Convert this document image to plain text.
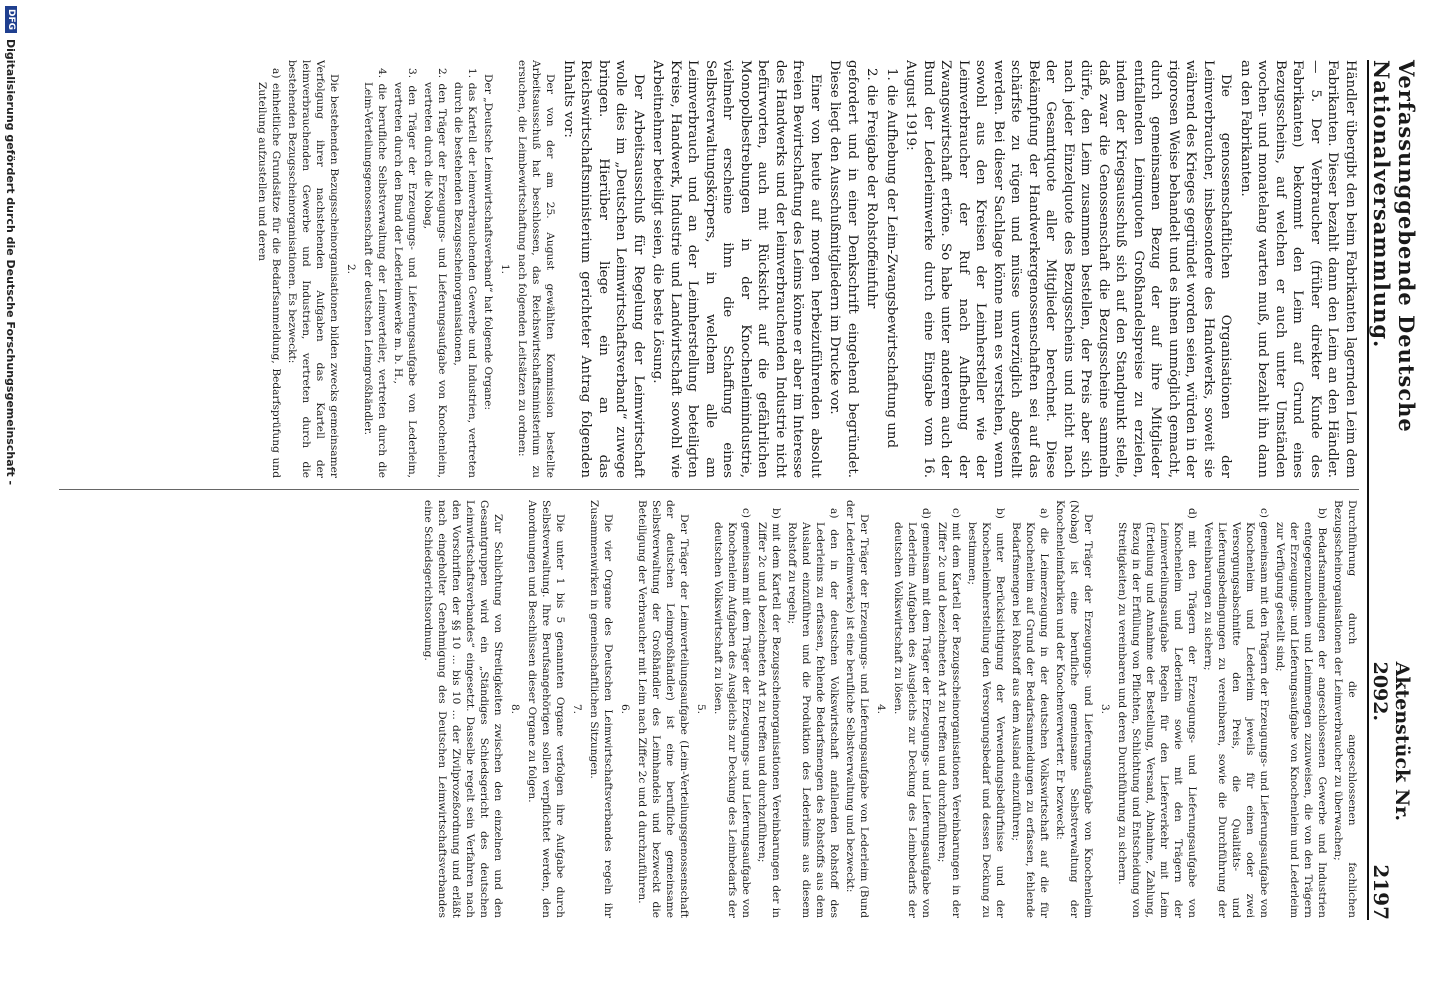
Verfassunggebende Deutsche Nationalversammlung.
Aktenstück Nr. 2092.
2197

Händler übergibt den beim Fabrikanten lagernden Leim dem Fabrikanten. Dieser bezahlt dann den Leim an den Händler. — 5. Der Verbraucher (früher direkter Kunde des Fabrikanten) bekommt den Leim auf Grund eines Bezugsscheins, auf welchen er auch unter Umständen wochen- und monatelang warten muß, und bezahlt ihn dann an den Fabrikanten.

Die genossenschaftlichen Organisationen der Leimverbraucher, insbesondere des Handwerks, soweit sie während des Krieges gegründet worden seien, würden in der rigorosen Weise behandelt und es ihnen unmöglich gemacht, durch gemeinsamen Bezug der auf ihre Mitglieder entfallenden Leimquoten Großhandelspreise zu erzielen, indem der Kriegsausschuß sich auf den Standpunkt stelle, daß zwar die Genossenschaft die Bezugsscheine sammeln dürfe, den Leim zusammen bestellen, der Preis aber sich nach jeder Einzelquote des Bezugsscheins und nicht nach der Gesamtquote aller Mitglieder berechnet. Diese Bekämpfung der Handwerkergenossenschaften sei auf das schärfste zu rügen und müsse unverzüglich abgestellt werden. Bei dieser Sachlage könne man es verstehen, wenn sowohl aus den Kreisen der Leimhersteller wie der Leimverbraucher der Ruf nach Aufhebung der Zwangswirtschaft ertöne. So habe unter anderem auch der Bund der Lederleimwerke durch eine Eingabe vom 16. August 1919:

1. die Aufhebung der Leim-Zwangsbewirtschaftung und

2. die Freigabe der Rohstoffeinfuhr

gefordert und in einer Denkschrift eingehend begründet. Diese liegt den Ausschußmitgliedern im Drucke vor.

Einer von heute auf morgen herbeizuführenden absolut freien Bewirtschaftung des Leims könne er aber im Interesse des Handwerks und der leimverbrauchenden Industrie nicht befürworten, auch mit Rücksicht auf die gefährlichen Monopolbestrebungen in der Knochenleimindustrie, vielmehr erscheine ihm die Schaffung eines Selbstverwaltungskörpers, in welchem alle am Leimverbrauch und an der Leimherstellung beteiligten Kreise, Handwerk, Industrie und Landwirtschaft sowohl wie Arbeitnehmer beteiligt seien, die beste Lösung.

Der Arbeitsausschuß für Regelung der Leimwirtschaft wolle dies im „Deutschen Leimwirtschaftsverband“ zuwege bringen. Hierüber liege ein an das Reichswirtschaftsministerium gerichteter Antrag folgenden Inhalts vor:

Der von der am 25. August gewählten Kommission bestellte Arbeitsausschuß hat beschlossen, das Reichswirtschaftsministerium zu ersuchen, die Leimbewirtschaftung nach folgenden Leitsätzen zu ordnen:

1.

Der „Deutsche Leimwirtschaftsverband“ hat folgende Organe:

1. das Kartell der leimverbrauchenden Gewerbe und Industrien, vertreten durch die bestehenden Bezugsscheinorganisationen,

2. den Träger der Erzeugungs- und Lieferungsaufgabe von Knochenleim, vertreten durch die Nobag,

3. den Träger der Erzeugungs- und Lieferungsaufgabe von Lederleim, vertreten durch den Bund der Lederleimwerke m. b. H.,

4. die berufliche Selbstverwaltung der Leimverteiler, vertreten durch die Leim-Verteilungsgenossenschaft der deutschen Leimgroßhändler.

2.

Die bestehenden Bezugsscheinorganisationen bilden zwecks gemeinsamer Verfolgung ihrer nachstehenden Aufgaben das Kartell der leimverbrauchenden Gewerbe und Industrien, vertreten durch die bestehenden Bezugsscheinorganisationen. Es bezweckt:

a) einheitliche Grundsätze für die Bedarfsanmeldung, Bedarfsprüfung und Zuteilung aufzustellen und deren

Durchführung durch die angeschlossenen fachlichen Bezugsscheinorganisationen der Leimverbraucher zu überwachen;

b) Bedarfsanmeldungen der angeschlossenen Gewerbe und Industrien entgegenzunehmen und Leimmengen zuzuweisen, die von den Trägern der Erzeugungs- und Lieferungsaufgabe von Knochenleim und Lederleim zur Verfügung gestellt sind;

c) gemeinsam mit den Trägern der Erzeugungs- und Lieferungsaufgabe von Knochenleim und Lederleim jeweils für einen oder zwei Versorgungsabschnitte den Preis, die Qualitäts- und Lieferungsbedingungen zu vereinbaren, sowie die Durchführung der Vereinbarungen zu sichern;

d) mit den Trägern der Erzeugungs- und Lieferungsaufgabe von Knochenleim und Lederleim sowie mit den Trägern der Leimverteilungsaufgabe Regeln für den Lieferverkehr mit Leim (Erteilung und Annahme der Bestellung, Versand, Abnahme, Zahlung, Bezug in der Erfüllung von Pflichten, Schlichtung und Entscheidung von Streitigkeiten) zu vereinbaren und deren Durchführung zu sichern.

3.

Der Träger der Erzeugungs- und Lieferungsaufgabe von Knochenleim (Nobag) ist eine berufliche gemeinsame Selbstverwaltung der Knochenleimfabriken und der Knochenverwerter. Er bezweckt:

a) die Leimerzeugung in der deutschen Volkswirtschaft auf die für Knochenleim auf Grund der Bedarfsanmeldungen zu erfassen, fehlende Bedarfsmengen bei Rohstoff aus dem Ausland einzuführen;

b) unter Berücksichtigung der Verwendungsbedürfnisse und der Knochenleimherstellung den Versorgungsbedarf und dessen Deckung zu bestimmen;

c) mit dem Kartell der Bezugsscheinorganisationen Vereinbarungen in der Ziffer 2c und d bezeichneten Art zu treffen und durchzuführen;

d) gemeinsam mit dem Träger der Erzeugungs- und Lieferungsaufgabe von Lederleim Aufgaben des Ausgleichs zur Deckung des Leimbedarfs der deutschen Volkswirtschaft zu lösen.

4.

Der Träger der Erzeugungs- und Lieferungsaufgabe von Lederleim (Bund der Lederleimwerke) ist eine berufliche Selbstverwaltung und bezweckt:

a) den in der deutschen Volkswirtschaft anfallenden Rohstoff des Lederleims zu erfassen, fehlende Bedarfsmengen des Rohstoffs aus dem Ausland einzuführen und die Produktion des Lederleims aus diesem Rohstoff zu regeln;

b) mit dem Kartell der Bezugsscheinorganisationen Vereinbarungen der in Ziffer 2c und d bezeichneten Art zu treffen und durchzuführen;

c) gemeinsam mit dem Träger der Erzeugungs- und Lieferungsaufgabe von Knochenleim Aufgaben des Ausgleichs zur Deckung des Leimbedarfs der deutschen Volkswirtschaft zu lösen.

5.

Der Träger der Leimverteilungsaufgabe (Leim-Verteilungsgenossenschaft der deutschen Leimgroßhändler) ist eine berufliche gemeinsame Selbstverwaltung der Großhändler des Leimhandels und bezweckt die Beteiligung der Verbraucher mit Leim nach Ziffer 2c und d durchzuführen.

6.

Die vier Organe des Deutschen Leimwirtschaftsverbandes regeln ihr Zusammenwirken in gemeinschaftlichen Sitzungen.

7.

Die unter 1 bis 5 genannten Organe verfolgen ihre Aufgabe durch Selbstverwaltung. Ihre Berufsangehörigen sollen verpflichtet werden, den Anordnungen und Beschlüssen dieser Organe zu folgen.

8.

Zur Schlichtung von Streitigkeiten zwischen den einzelnen und den Gesamtgruppen wird ein „Ständiges Schiedsgericht des deutschen Leimwirtschaftsverbandes“ eingesetzt. Dasselbe regelt sein Verfahren nach den Vorschriften der §§ 10 ... bis 10 ... der Zivilprozeßordnung und erläßt nach eingeholter Genehmigung des Deutschen Leimwirtschaftsverbandes eine Schiedsgerichtsordnung.

DFG
Digitalisierung gefördert durch die Deutsche Forschungsgemeinschaft -
